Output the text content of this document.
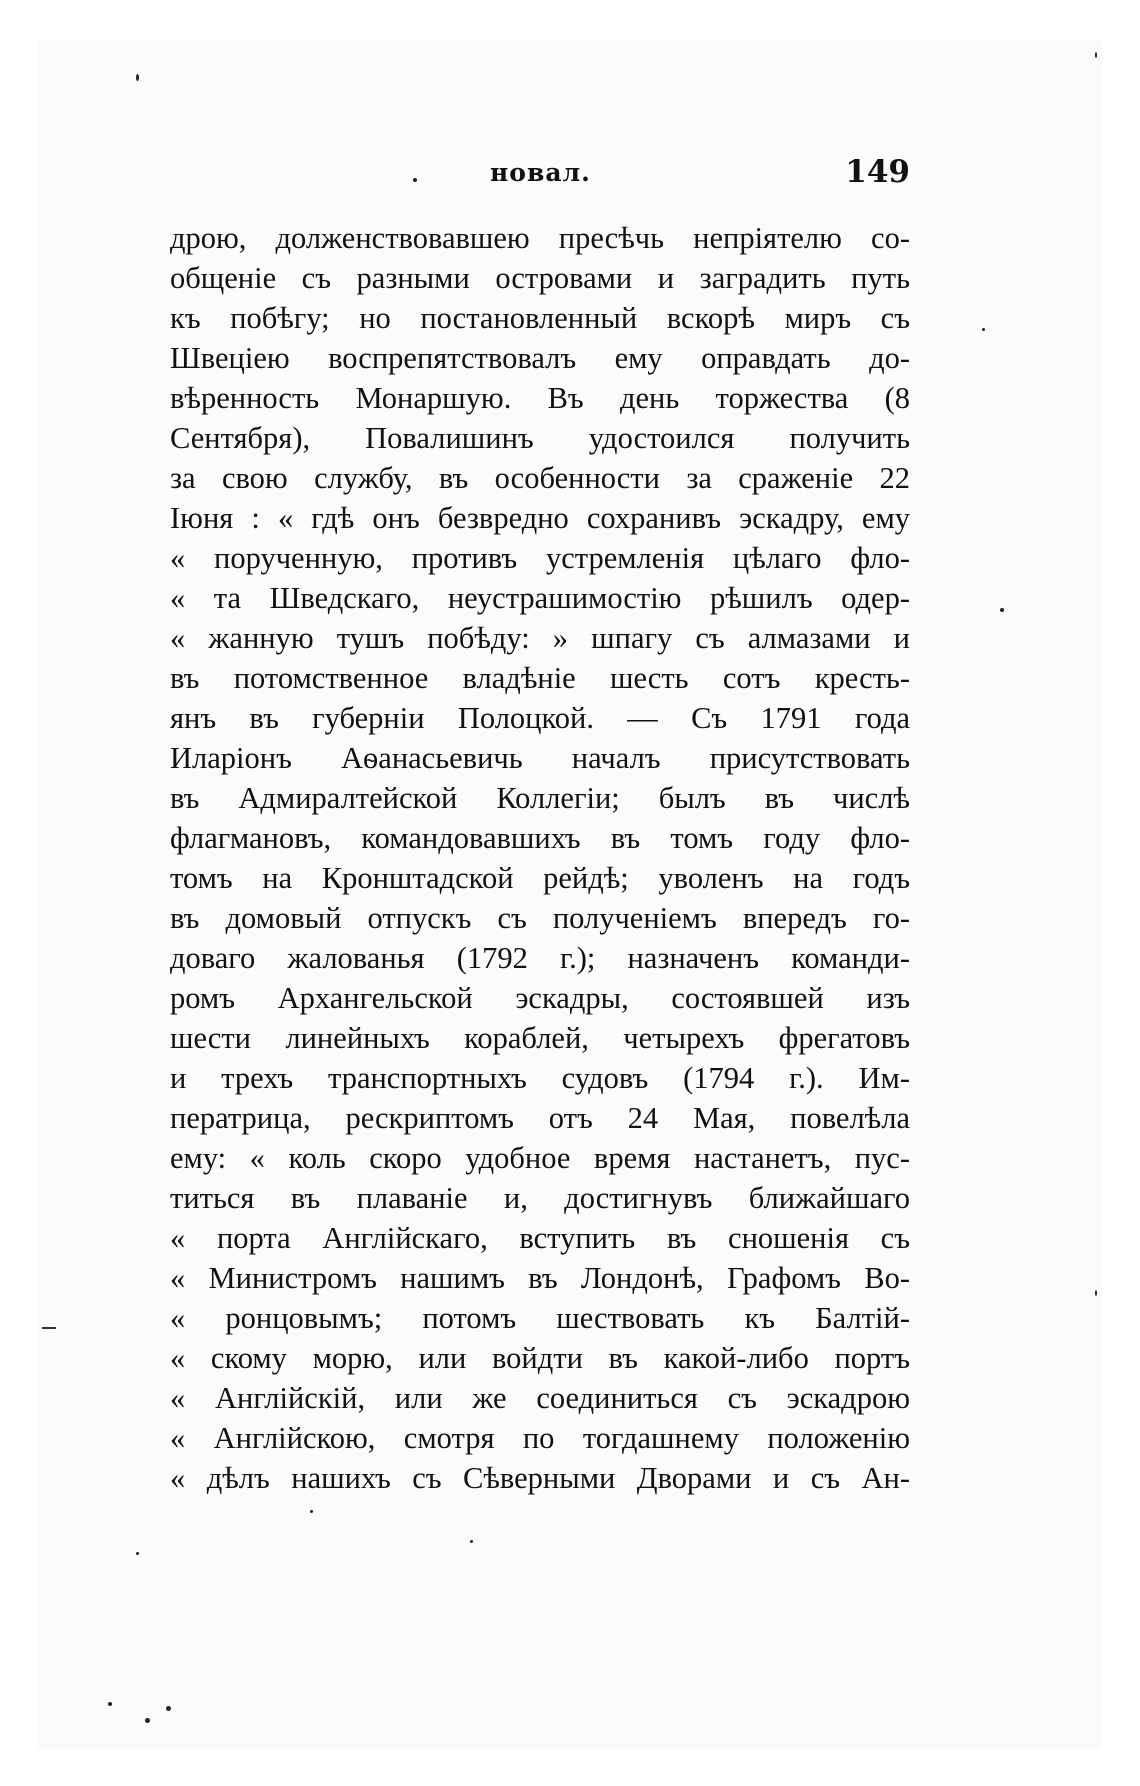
новал.	149
дрою, долженствовавшею пресѣчь непріятелю со-
общеніе съ разными островами и заградить путь
къ побѣгу; но постановленный вскорѣ миръ съ
Швеціею воспрепятствовалъ ему оправдать до-
вѣренность Монаршую. Въ день торжества (8
Сентября), Повалишинъ удостоился получить
за свою службу, въ особенности за сраженіе 22
Іюня : « гдѣ онъ безвредно сохранивъ эскадру, ему
« порученную, противъ устремленія цѣлаго фло-
« та Шведскаго, неустрашимостію рѣшилъ одер-
« жанную тушъ побѣду: » шпагу съ алмазами и
въ потомственное владѣніе шесть сотъ кресть-
янъ въ губерніи Полоцкой. — Съ 1791 года
Иларіонъ Аѳанасьевичь началъ присутствовать
въ Адмиралтейской Коллегіи; былъ въ числѣ
флагмановъ, командовавшихъ въ томъ году фло-
томъ на Кронштадской рейдѣ; уволенъ на годъ
въ домовый отпускъ съ полученіемъ впередъ го-
доваго жалованья (1792 г.); назначенъ команди-
ромъ Архангельской эскадры, состоявшей изъ
шести линейныхъ кораблей, четырехъ фрегатовъ
и трехъ транспортныхъ судовъ (1794 г.). Им-
ператрица, рескриптомъ отъ 24 Мая, повелѣла
ему: « коль скоро удобное время настанетъ, пус-
титься въ плаваніе и, достигнувъ ближайшаго
« порта Англійскаго, вступить въ сношенія съ
« Министромъ нашимъ въ Лондонѣ, Графомъ Во-
« ронцовымъ; потомъ шествовать къ Балтій-
« скому морю, или войдти въ какой-либо портъ
« Англійскій, или же соединиться съ эскадрою
« Англійскою, смотря по тогдашнему положенію
« дѣлъ нашихъ съ Сѣверными Дворами и съ Ан-
